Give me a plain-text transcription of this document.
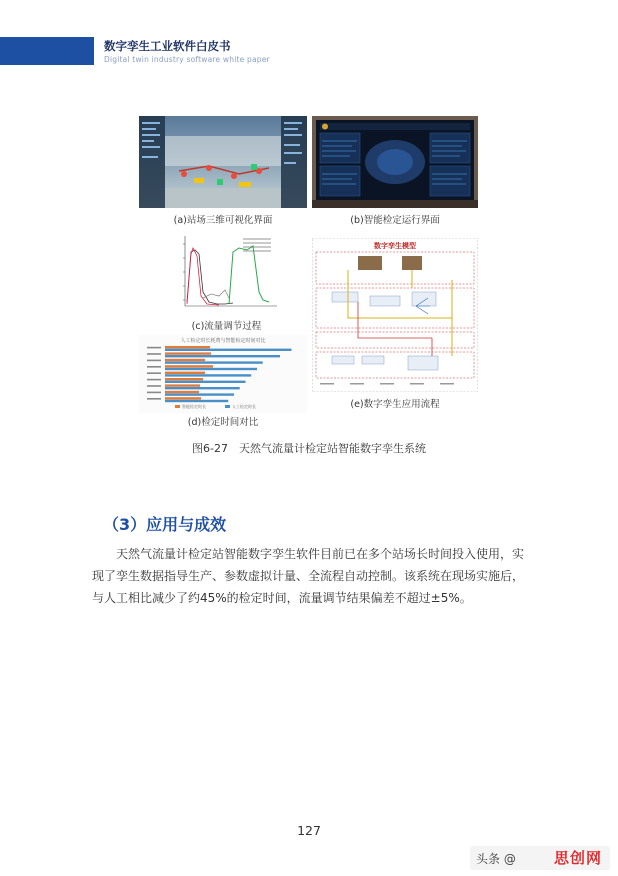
数字孪生工业软件白皮书
Digital twin industry software white paper
(a)站场三维可视化界面	(b)智能检定运行界面
(c)流量调节过程
人工检定时长耗费与智能检定时间对比
智能检定时长	人工检定时长
(d)检定时间对比
数字孪生模型
(e)数字孪生应用流程
图6-27　天然气流量计检定站智能数字孪生系统
（3）应用与成效

天然气流量计检定站智能数字孪生软件目前已在多个站场长时间投入使用，实

现了孪生数据指导生产、参数虚拟计量、全流程自动控制。该系统在现场实施后，

与人工相比减少了约45%的检定时间，流量调节结果偏差不超过±5%。

127
头条 @	思创网
